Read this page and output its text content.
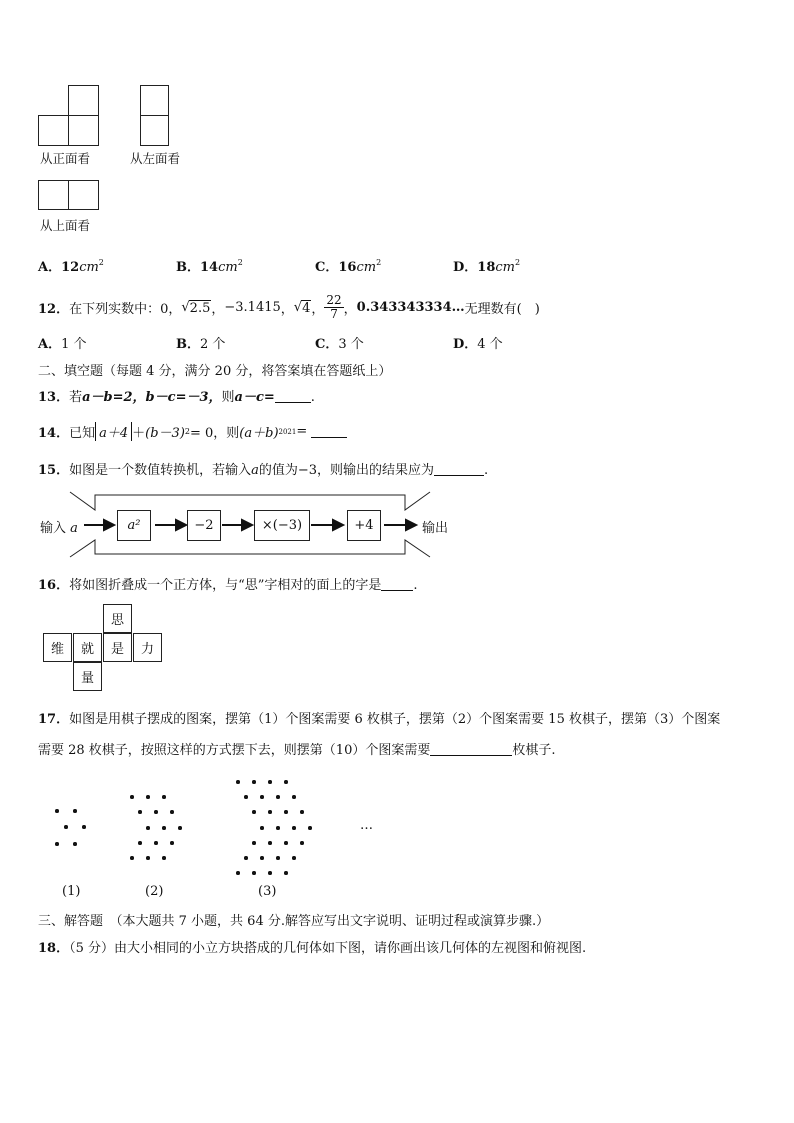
从正面看	从左面看
从上面看
A．$12cm^2$	B．$14cm^2$	C．$16cm^2$	D．$18cm^2$
12． 在下列实数中：0， √ 2.5 ， −3.1415 ， √ 4 ， $\frac{22}{7}$ ， 0.343343334… 无理数有(　)
A．1 个	B．2 个	C．3 个	D．4 个
二、填空题（每题 4 分，满分 20 分，将答案填在答题纸上）
13．若a－b=2，b－c=－3，则a－c=	.
14． 已知 a＋4 ＋ (b－3) 2 = 0，则 (a＋b) 2021 =
15．如图是一个数值转换机，若输入a的值为−3，则输出的结果应为	.
输入 a	a²	−2	×(−3)	+4	输出
16．将如图折叠成一个正方体，与“思”字相对的面上的字是 .
思
维	就	是	力
量
17．如图是用棋子摆成的图案，摆第（1）个图案需要 6 枚棋子，摆第（2）个图案需要 15 枚棋子，摆第（3）个图案
需要 28 枚棋子，按照这样的方式摆下去，则摆第（10）个图案需要	枚棋子.
…
(1)	(2)	(3)
三、解答题　（本大题共 7 小题，共 64 分.解答应写出文字说明、证明过程或演算步骤.）
18．（5 分）由大小相同的小立方块搭成的几何体如下图，请你画出该几何体的左视图和俯视图.
